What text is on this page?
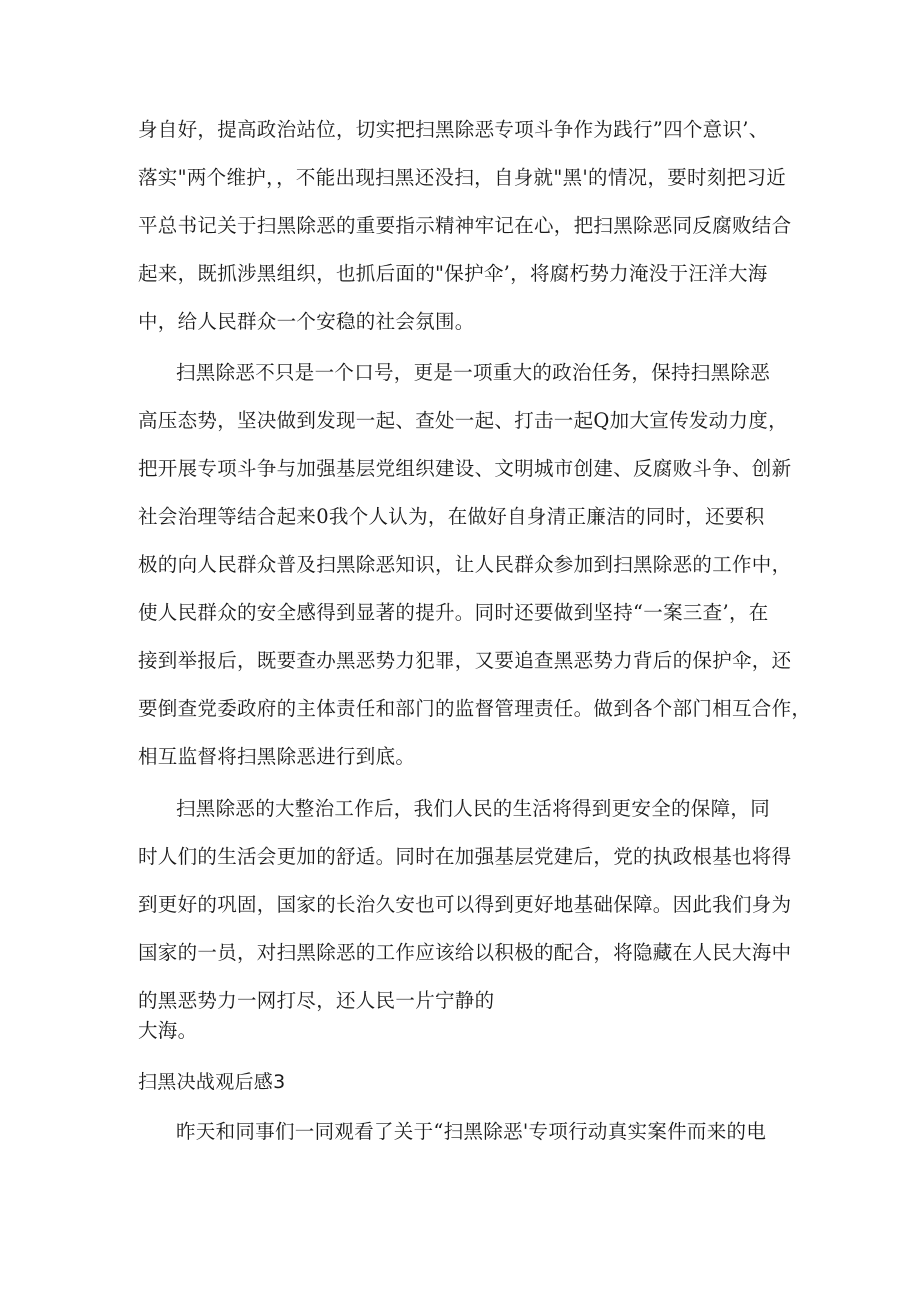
身自好，提高政治站位，切实把扫黑除恶专项斗争作为践行”四个意识’、
落实"两个维护，，不能出现扫黑还没扫，自身就"黑'的情况，要时刻把习近
平总书记关于扫黑除恶的重要指示精神牢记在心，把扫黑除恶同反腐败结合
起来，既抓涉黑组织，也抓后面的"保护伞’，将腐朽势力淹没于汪洋大海
中，给人民群众一个安稳的社会氛围。
扫黑除恶不只是一个口号，更是一项重大的政治任务，保持扫黑除恶
高压态势，坚决做到发现一起、查处一起、打击一起Q加大宣传发动力度，
把开展专项斗争与加强基层党组织建设、文明城市创建、反腐败斗争、创新
社会治理等结合起来0我个人认为，在做好自身清正廉洁的同时，还要积
极的向人民群众普及扫黑除恶知识，让人民群众参加到扫黑除恶的工作中，
使人民群众的安全感得到显著的提升。同时还要做到坚持“一案三查’，在
接到举报后，既要查办黑恶势力犯罪，又要追查黑恶势力背后的保护伞，还
要倒查党委政府的主体责任和部门的监督管理责任。做到各个部门相互合作，
相互监督将扫黑除恶进行到底。
扫黑除恶的大整治工作后，我们人民的生活将得到更安全的保障，同
时人们的生活会更加的舒适。同时在加强基层党建后，党的执政根基也将得
到更好的巩固，国家的长治久安也可以得到更好地基础保障。因此我们身为
国家的一员，对扫黑除恶的工作应该给以积极的配合，将隐藏在人民大海中
的黑恶势力一网打尽，还人民一片宁静的
大海。
扫黑决战观后感3
昨天和同事们一同观看了关于“扫黑除恶'专项行动真实案件而来的电
